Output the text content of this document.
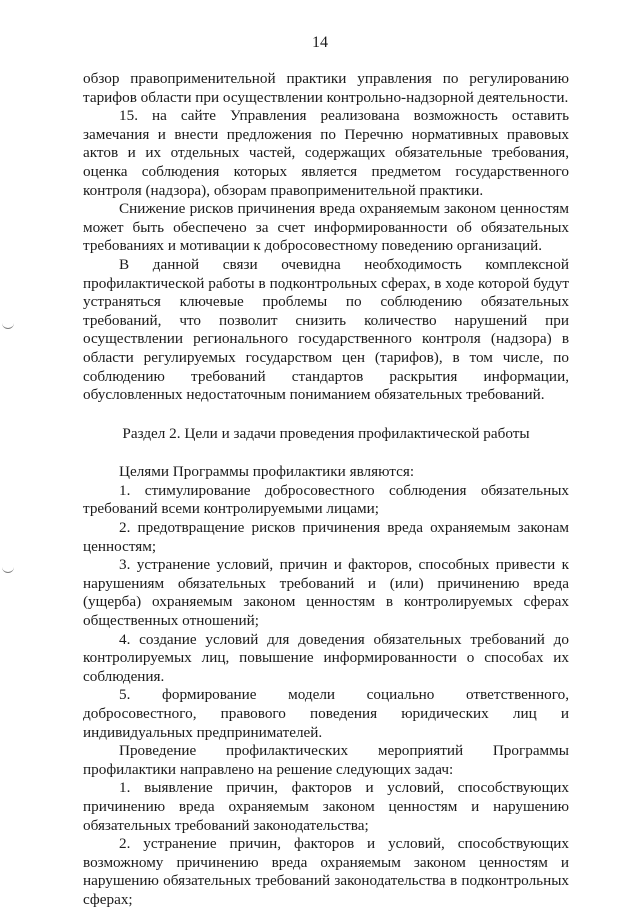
14

обзор правоприменительной практики управления по регулированию тарифов области при осуществлении контрольно-надзорной деятельности.

15. на сайте Управления реализована возможность оставить замечания и внести предложения по Перечню нормативных правовых актов и их отдельных частей, содержащих обязательные требования, оценка соблюдения которых является предметом государственного контроля (надзора), обзорам правоприменительной практики.

Снижение рисков причинения вреда охраняемым законом ценностям может быть обеспечено за счет информированности об обязательных требованиях и мотивации к добросовестному поведению организаций.

В данной связи очевидна необходимость комплексной профилактической работы в подконтрольных сферах, в ходе которой будут устраняться ключевые проблемы по соблюдению обязательных требований, что позволит снизить количество нарушений при осуществлении регионального государственного контроля (надзора) в области регулируемых государством цен (тарифов), в том числе, по соблюдению требований стандартов раскрытия информации, обусловленных недостаточным пониманием обязательных требований.

Раздел 2. Цели и задачи проведения профилактической работы

Целями Программы профилактики являются:

1. стимулирование добросовестного соблюдения обязательных требований всеми контролируемыми лицами;

2. предотвращение рисков причинения вреда охраняемым законам ценностям;

3. устранение условий, причин и факторов, способных привести к нарушениям обязательных требований и (или) причинению вреда (ущерба) охраняемым законом ценностям в контролируемых сферах общественных отношений;

4. создание условий для доведения обязательных требований до контролируемых лиц, повышение информированности о способах их соблюдения.

5. формирование модели социально ответственного, добросовестного, правового поведения юридических лиц и индивидуальных предпринимателей.

Проведение профилактических мероприятий Программы профилактики направлено на решение следующих задач:

1. выявление причин, факторов и условий, способствующих причинению вреда охраняемым законом ценностям и нарушению обязательных требований законодательства;

2. устранение причин, факторов и условий, способствующих возможному причинению вреда охраняемым законом ценностям и нарушению обязательных требований законодательства в подконтрольных сферах;
